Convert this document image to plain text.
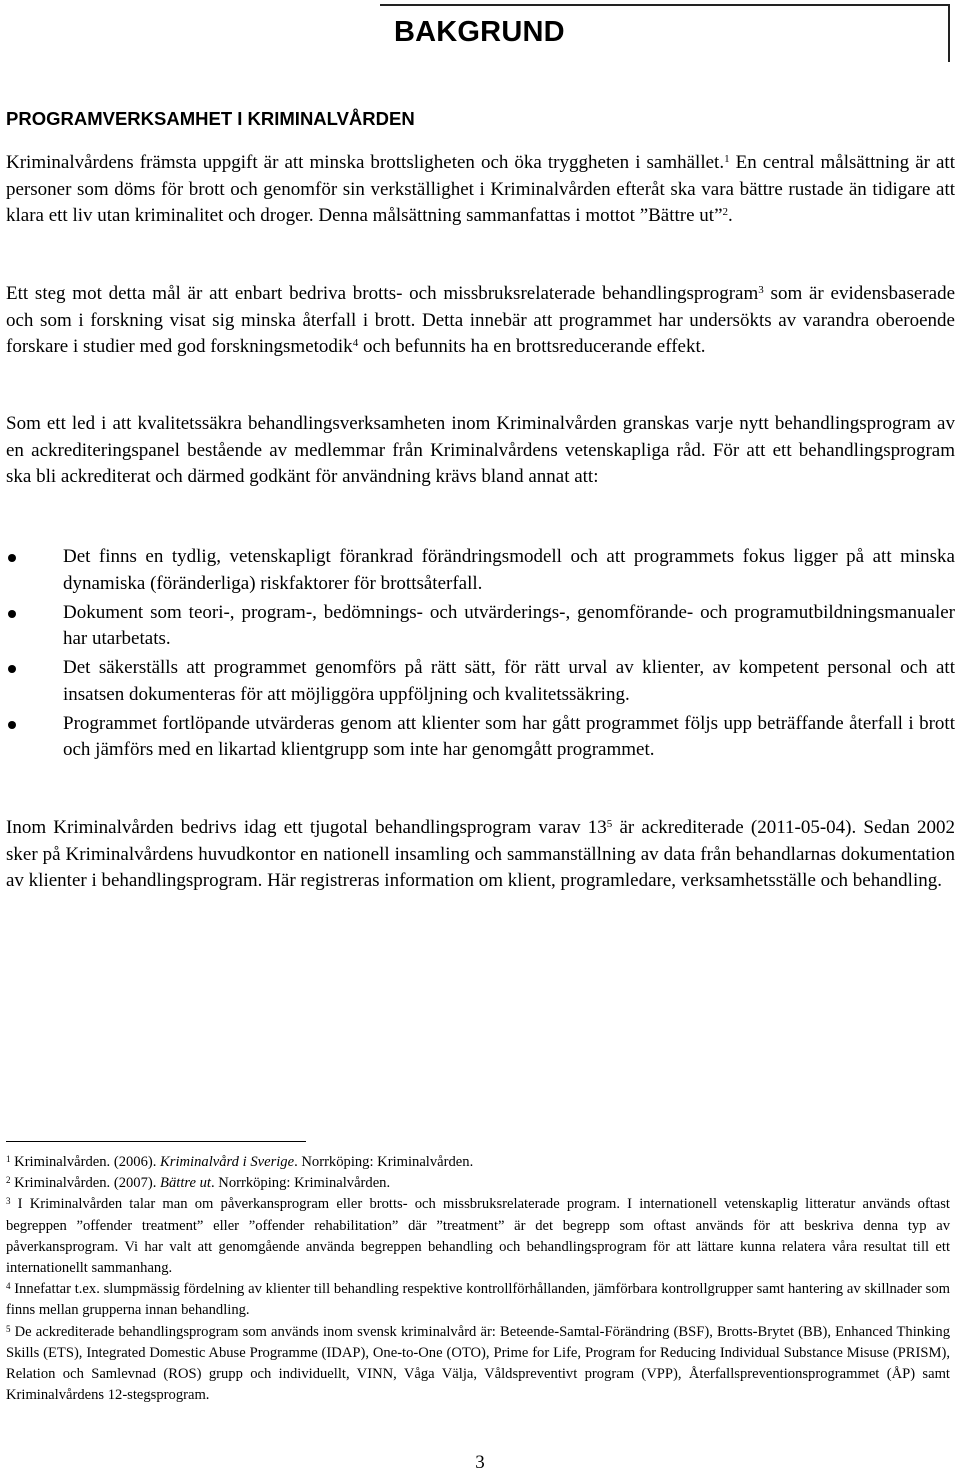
BAKGRUND
PROGRAMVERKSAMHET I KRIMINALVÅRDEN

Kriminalvårdens främsta uppgift är att minska brottsligheten och öka tryggheten i samhället.$^1$ En central målsättning är att personer som döms för brott och genomför sin verkställighet i Kriminalvården efteråt ska vara bättre rustade än tidigare att klara ett liv utan kriminalitet och droger. Denna målsättning sammanfattas i mottot ”Bättre ut”$^2$.

Ett steg mot detta mål är att enbart bedriva brotts- och missbruksrelaterade behandlingsprogram$^3$ som är evidensbaserade och som i forskning visat sig minska återfall i brott. Detta innebär att programmet har undersökts av varandra oberoende forskare i studier med god forskningsmetodik$^4$ och befunnits ha en brottsreducerande effekt.

Som ett led i att kvalitetssäkra behandlingsverksamheten inom Kriminalvården granskas varje nytt behandlingsprogram av en ackrediteringspanel bestående av medlemmar från Kriminalvårdens vetenskapliga råd. För att ett behandlingsprogram ska bli ackrediterat och därmed godkänt för användning krävs bland annat att:

Det finns en tydlig, vetenskapligt förankrad förändringsmodell och att programmets fokus ligger på att minska dynamiska (föränderliga) riskfaktorer för brottsåterfall.
Dokument som teori-, program-, bedömnings- och utvärderings-, genomförande- och programutbildningsmanualer har utarbetats.
Det säkerställs att programmet genomförs på rätt sätt, för rätt urval av klienter, av kompetent personal och att insatsen dokumenteras för att möjliggöra uppföljning och kvalitetssäkring.
Programmet fortlöpande utvärderas genom att klienter som har gått programmet följs upp beträffande återfall i brott och jämförs med en likartad klientgrupp som inte har genomgått programmet.

Inom Kriminalvården bedrivs idag ett tjugotal behandlingsprogram varav $13^5$ är ackrediterade (2011-05-04). Sedan 2002 sker på Kriminalvårdens huvudkontor en nationell insamling och sammanställning av data från behandlarnas dokumentation av klienter i behandlingsprogram. Här registreras information om klient, programledare, verksamhetsställe och behandling.

$^1$ Kriminalvården. (2006). Kriminalvård i Sverige. Norrköping: Kriminalvården.

$^2$ Kriminalvården. (2007). Bättre ut. Norrköping: Kriminalvården.

$^3$ I Kriminalvården talar man om påverkansprogram eller brotts- och missbruksrelaterade program. I internationell vetenskaplig litteratur används oftast begreppen ”offender treatment” eller ”offender rehabilitation” där ”treatment” är det begrepp som oftast används för att beskriva denna typ av påverkansprogram. Vi har valt att genomgående använda begreppen behandling och behandlingsprogram för att lättare kunna relatera våra resultat till ett internationellt sammanhang.

$^4$ Innefattar t.ex. slumpmässig fördelning av klienter till behandling respektive kontrollförhållanden, jämförbara kontrollgrupper samt hantering av skillnader som finns mellan grupperna innan behandling.

$^5$ De ackrediterade behandlingsprogram som används inom svensk kriminalvård är: Beteende-Samtal-Förändring (BSF), Brotts-Brytet (BB), Enhanced Thinking Skills (ETS), Integrated Domestic Abuse Programme (IDAP), One-to-One (OTO), Prime for Life, Program for Reducing Individual Substance Misuse (PRISM), Relation och Samlevnad (ROS) grupp och individuellt, VINN, Våga Välja, Våldspreventivt program (VPP), Återfallspreventionsprogrammet (ÅP) samt Kriminalvårdens 12-stegsprogram.

3
